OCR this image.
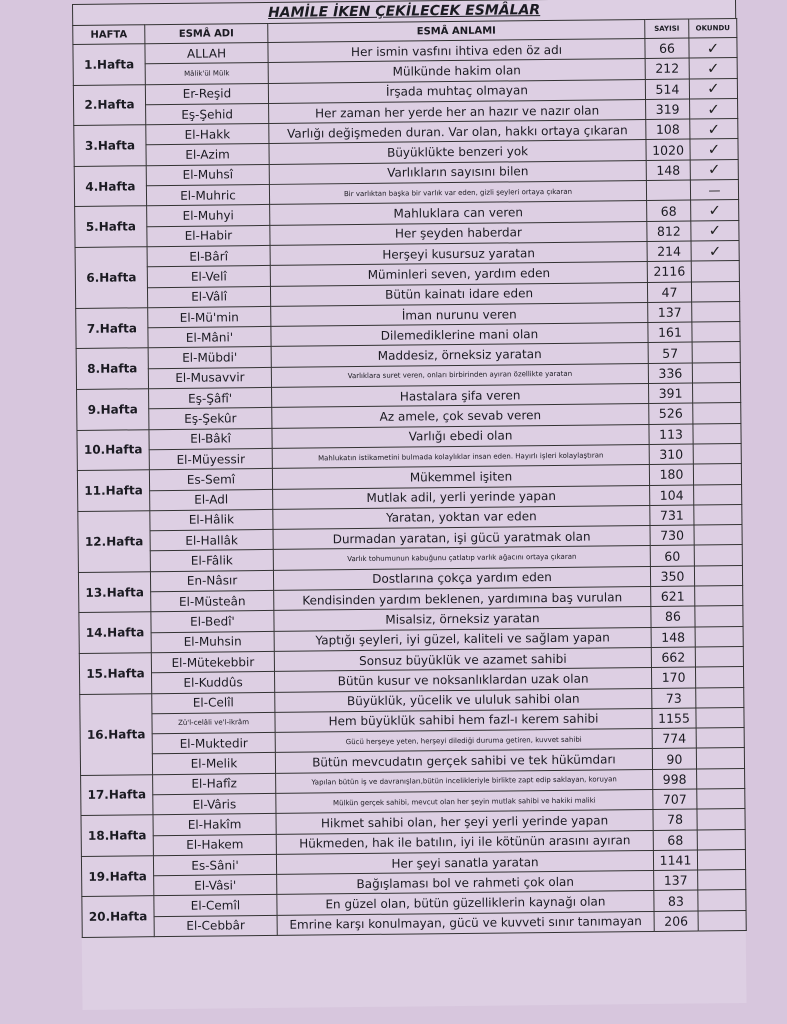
HAMİLE İKEN ÇEKİLECEK ESMÂLAR
HAFTA	ESMÂ ADI	ESMÂ ANLAMI	SAYISI	OKUNDU
1.Hafta	ALLAH	Her ismin vasfını ihtiva eden öz adı	66	✓
	Mâlik'ül Mülk	Mülkünde hakim olan	212	✓
2.Hafta	Er-Reşid	İrşada muhtaç olmayan	514	✓
	Eş-Şehid	Her zaman her yerde her an hazır ve nazır olan	319	✓
3.Hafta	El-Hakk	Varlığı değişmeden duran. Var olan, hakkı ortaya çıkaran	108	✓
	El-Azim	Büyüklükte benzeri yok	1020	✓
4.Hafta	El-Muhsî	Varlıkların sayısını bilen	148	✓
	El-Muhric	Bir varlıktan başka bir varlık var eden, gizli şeyleri ortaya çıkaran		—
5.Hafta	El-Muhyi	Mahluklara can veren	68	✓
	El-Habir	Her şeyden haberdar	812	✓
6.Hafta	El-Bârî	Herşeyi kusursuz yaratan	214	✓
	El-Velî	Müminleri seven, yardım eden	2116	
	El-Vâlî	Bütün kainatı idare eden	47	
7.Hafta	El-Mü'min	İman nurunu veren	137	
	El-Mâni'	Dilemediklerine mani olan	161	
8.Hafta	El-Mübdi'	Maddesiz, örneksiz yaratan	57	
	El-Musavvir	Varlıklara suret veren, onları birbirinden ayıran özellikte yaratan	336	
9.Hafta	Eş-Şâfî'	Hastalara şifa veren	391	
	Eş-Şekûr	Az amele, çok sevab veren	526	
10.Hafta	El-Bâkî	Varlığı ebedi olan	113	
	El-Müyessir	Mahlukatın istikametini bulmada kolaylıklar insan eden. Hayırlı işleri kolaylaştıran	310	
11.Hafta	Es-Semî	Mükemmel işiten	180	
	El-Adl	Mutlak adil, yerli yerinde yapan	104	
12.Hafta	El-Hâlik	Yaratan, yoktan var eden	731	
	El-Hallâk	Durmadan yaratan, işi gücü yaratmak olan	730	
	El-Fâlik	Varlık tohumunun kabuğunu çatlatıp varlık ağacını ortaya çıkaran	60	
13.Hafta	En-Nâsır	Dostlarına çokça yardım eden	350	
	El-Müsteân	Kendisinden yardım beklenen, yardımına baş vurulan	621	
14.Hafta	El-Bedî'	Misalsiz, örneksiz yaratan	86	
	El-Muhsin	Yaptığı şeyleri, iyi güzel, kaliteli ve sağlam yapan	148	
15.Hafta	El-Mütekebbir	Sonsuz büyüklük ve azamet sahibi	662	
	El-Kuddûs	Bütün kusur ve noksanlıklardan uzak olan	170	
16.Hafta	El-Celîl	Büyüklük, yücelik ve ululuk sahibi olan	73	
	Zü'l-celâli ve'l-ikrâm	Hem büyüklük sahibi hem fazl-ı kerem sahibi	1155	
	El-Muktedir	Gücü herşeye yeten, herşeyi dilediği duruma getiren, kuvvet sahibi	774	
	El-Melik	Bütün mevcudatın gerçek sahibi ve tek hükümdarı	90	
17.Hafta	El-Hafîz	Yapılan bütün iş ve davranışları,bütün incelikleriyle birlikte zapt edip saklayan, koruyan	998	
	El-Vâris	Mülkün gerçek sahibi, mevcut olan her şeyin mutlak sahibi ve hakiki maliki	707	
18.Hafta	El-Hakîm	Hikmet sahibi olan, her şeyi yerli yerinde yapan	78	
	El-Hakem	Hükmeden, hak ile batılın, iyi ile kötünün arasını ayıran	68	
19.Hafta	Es-Sâni'	Her şeyi sanatla yaratan	1141	
	El-Vâsi'	Bağışlaması bol ve rahmeti çok olan	137	
20.Hafta	El-Cemîl	En güzel olan, bütün güzelliklerin kaynağı olan	83	
	El-Cebbâr	Emrine karşı konulmayan, gücü ve kuvveti sınır tanımayan	206	
